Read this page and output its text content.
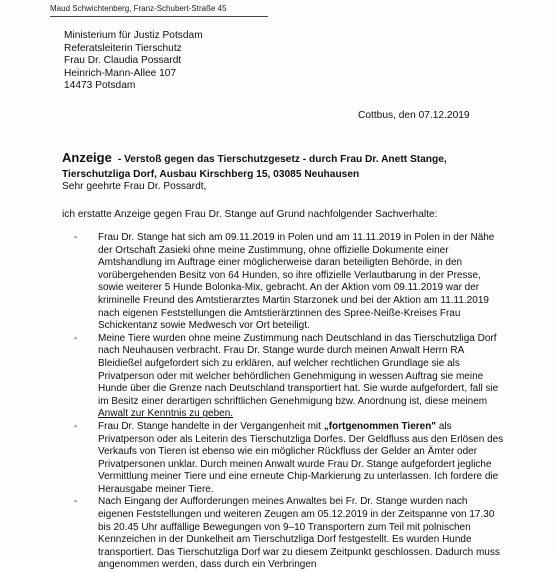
Maud Schwichtenberg, Franz-Schubert-Straße 45
Ministerium für Justiz Potsdam
Referatsleiterin Tierschutz
Frau Dr. Claudia Possardt
Heinrich-Mann-Allee 107
14473 Potsdam
Cottbus, den 07.12.2019
Anzeige - Verstoß gegen das Tierschutzgesetz - durch Frau Dr. Anett Stange, Tierschutzliga Dorf, Ausbau Kirschberg 15, 03085 Neuhausen
Sehr geehrte Frau Dr. Possardt,
ich erstatte Anzeige gegen Frau Dr. Stange auf Grund nachfolgender Sachverhalte:
- Frau Dr. Stange hat sich am 09.11.2019 in Polen und am 11.11.2019 in Polen in der Nähe der Ortschaft Zasieki ohne meine Zustimmung, ohne offizielle Dokumente einer Amtshandlung im Auftrage einer möglicherweise daran beteiligten Behörde, in den vorübergehenden Besitz von 64 Hunden, so ihre offizielle Verlautbarung in der Presse, sowie weiterer 5 Hunde Bolonka-Mix, gebracht. An der Aktion vom 09.11.2019 war der kriminelle Freund des Amtstierarztes Martin Starzonek und bei der Aktion am 11.11.2019 nach eigenen Feststellungen die Amtstierärztinnen des Spree-Neiße-Kreises Frau Schickentanz sowie Medwesch vor Ort beteiligt.
- Meine Tiere wurden ohne meine Zustimmung nach Deutschland in das Tierschutzliga Dorf nach Neuhausen verbracht. Frau Dr. Stange wurde durch meinen Anwalt Herrn RA Bleidießel aufgefordert sich zu erklären, auf welcher rechtlichen Grundlage sie als Privatperson oder mit welcher behördlichen Genehmigung in wessen Auftrag sie meine Hunde über die Grenze nach Deutschland transportiert hat. Sie wurde aufgefordert, fall sie im Besitz einer derartigen schriftlichen Genehmigung bzw. Anordnung ist, diese meinem Anwalt zur Kenntnis zu geben.
- Frau Dr. Stange handelte in der Vergangenheit mit „fortgenommen Tieren" als Privatperson oder als Leiterin des Tierschutzliga Dorfes. Der Geldfluss aus den Erlösen des Verkaufs von Tieren ist ebenso wie ein möglicher Rückfluss der Gelder an Ämter oder Privatpersonen unklar. Durch meinen Anwalt wurde Frau Dr. Stange aufgefordert jegliche Vermittlung meiner Tiere und eine erneute Chip-Markierung zu unterlassen. Ich fordere die Herausgabe meiner Tiere.
- Nach Eingang der Aufforderungen meines Anwaltes bei Fr. Dr. Stange wurden nach eigenen Feststellungen und weiteren Zeugen am 05.12.2019 in der Zeitspanne von 17.30 bis 20.45 Uhr auffällige Bewegungen von 9–10 Transportern zum Teil mit polnischen Kennzeichen in der Dunkelheit am Tierschutzliga Dorf festgestellt. Es wurden Hunde transportiert. Das Tierschutzliga Dorf war zu diesem Zeitpunkt geschlossen. Dadurch muss angenommen werden, dass durch ein Verbringen
